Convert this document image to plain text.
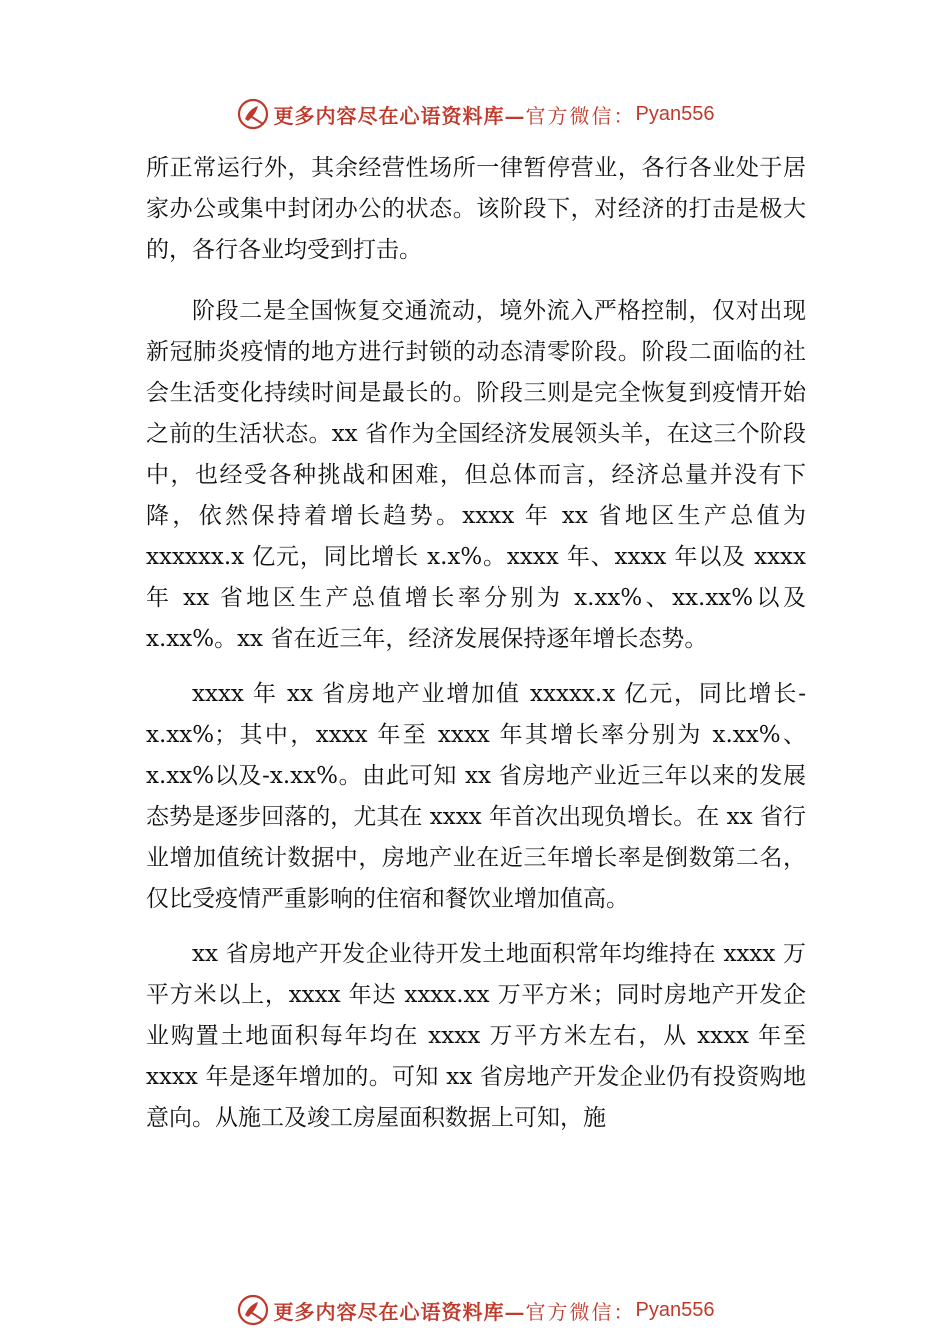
更多内容尽在心语资料库— 官方微信： Pyan556

所正常运行外，其余经营性场所一律暂停营业，各行各业处于居家办公或集中封闭办公的状态。该阶段下，对经济的打击是极大的，各行各业均受到打击。

阶段二是全国恢复交通流动，境外流入严格控制，仅对出现新冠肺炎疫情的地方进行封锁的动态清零阶段。阶段二面临的社会生活变化持续时间是最长的。阶段三则是完全恢复到疫情开始之前的生活状态。xx 省作为全国经济发展领头羊，在这三个阶段中，也经受各种挑战和困难，但总体而言，经济总量并没有下降，依然保持着增长趋势。xxxx 年 xx 省地区生产总值为 xxxxxx.x 亿元，同比增长 x.x%。xxxx 年、xxxx 年以及 xxxx 年 xx 省地区生产总值增长率分别为 x.xx%、xx.xx%以及 x.xx%。xx 省在近三年，经济发展保持逐年增长态势。

xxxx 年 xx 省房地产业增加值 xxxxx.x 亿元，同比增长-x.xx%；其中，xxxx 年至 xxxx 年其增长率分别为 x.xx%、x.xx%以及-x.xx%。由此可知 xx 省房地产业近三年以来的发展态势是逐步回落的，尤其在 xxxx 年首次出现负增长。在 xx 省行业增加值统计数据中，房地产业在近三年增长率是倒数第二名，仅比受疫情严重影响的住宿和餐饮业增加值高。

xx 省房地产开发企业待开发土地面积常年均维持在 xxxx 万平方米以上，xxxx 年达 xxxx.xx 万平方米；同时房地产开发企业购置土地面积每年均在 xxxx 万平方米左右，从 xxxx 年至 xxxx 年是逐年增加的。可知 xx 省房地产开发企业仍有投资购地意向。从施工及竣工房屋面积数据上可知，施

更多内容尽在心语资料库— 官方微信： Pyan556
